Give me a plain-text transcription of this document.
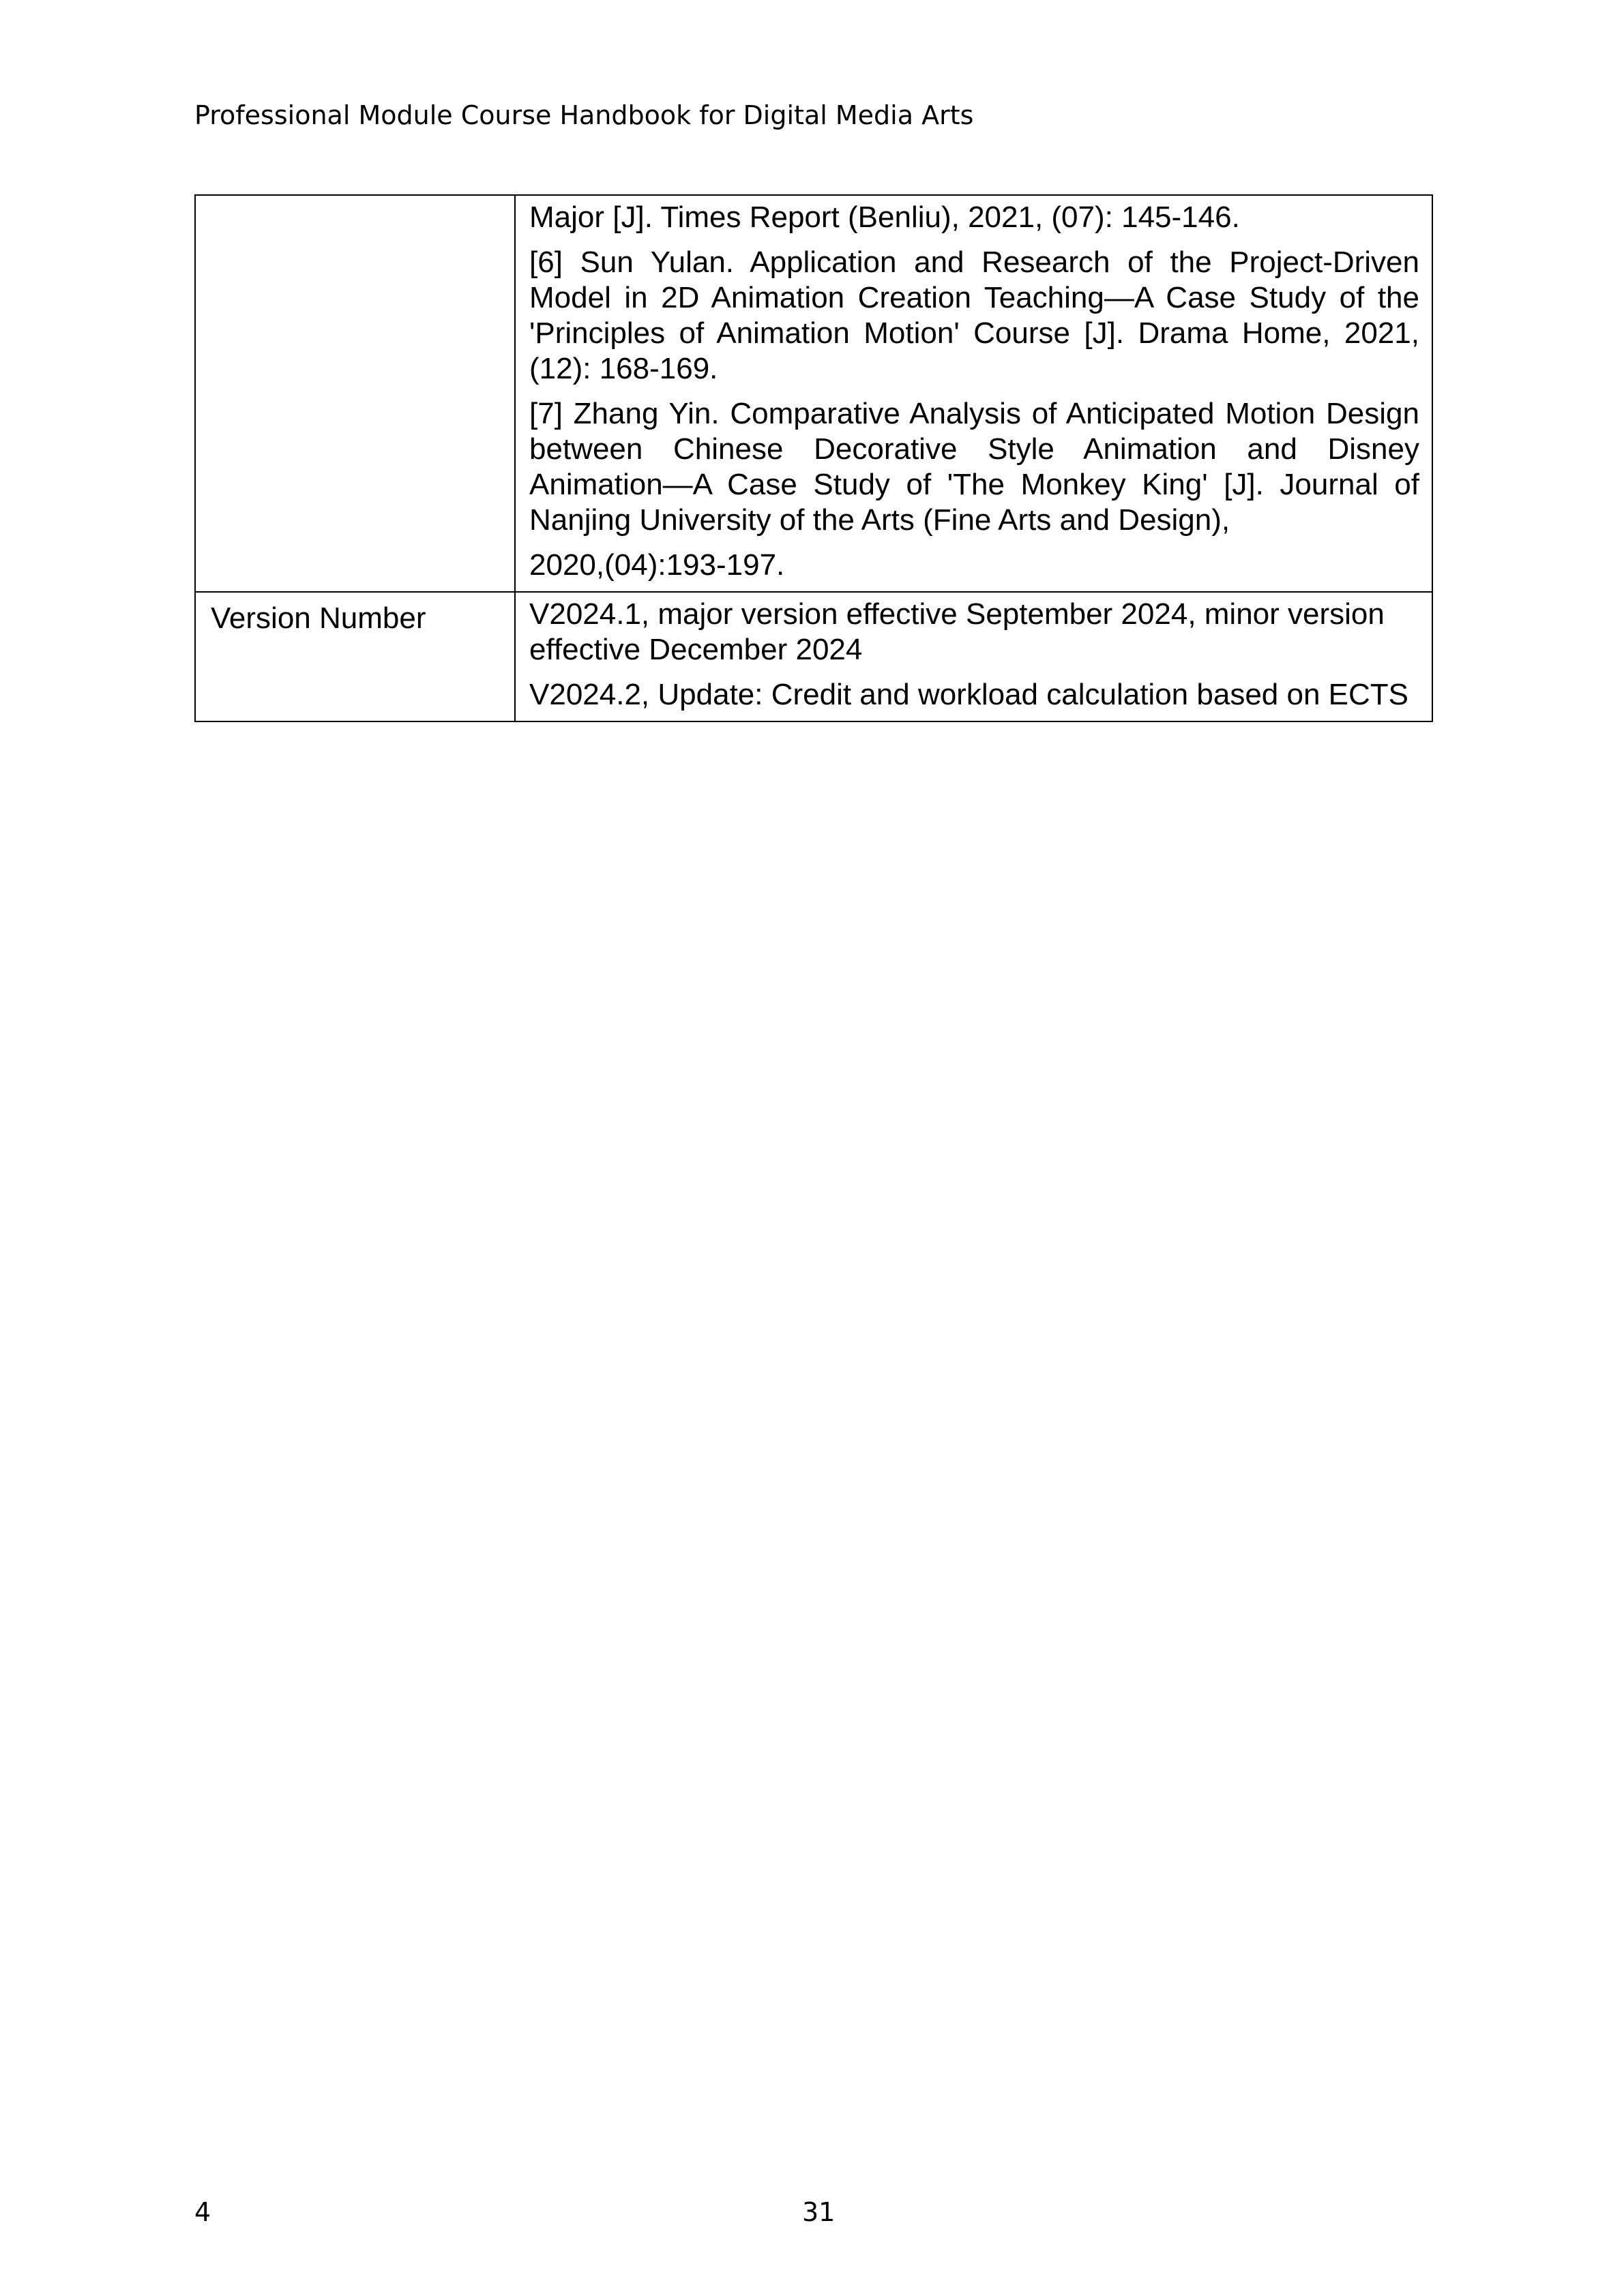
Professional Module Course Handbook for Digital Media Arts

	Major [J]. Times Report (Benliu), 2021, (07): 145-146.

[6] Sun Yulan. Application and Research of the Project-Driven Model in 2D Animation Creation Teaching—A Case Study of the 'Principles of Animation Motion' Course [J]. Drama Home, 2021, (12): 168-169.

[7] Zhang Yin. Comparative Analysis of Anticipated Motion Design between Chinese Decorative Style Animation and Disney Animation—A Case Study of 'The Monkey King' [J]. Journal of Nanjing University of the Arts (Fine Arts and Design),

2020,(04):193-197.

Version Number	V2024.1, major version effective September 2024, minor version effective December 2024

V2024.2, Update: Credit and workload calculation based on ECTS

4	31
